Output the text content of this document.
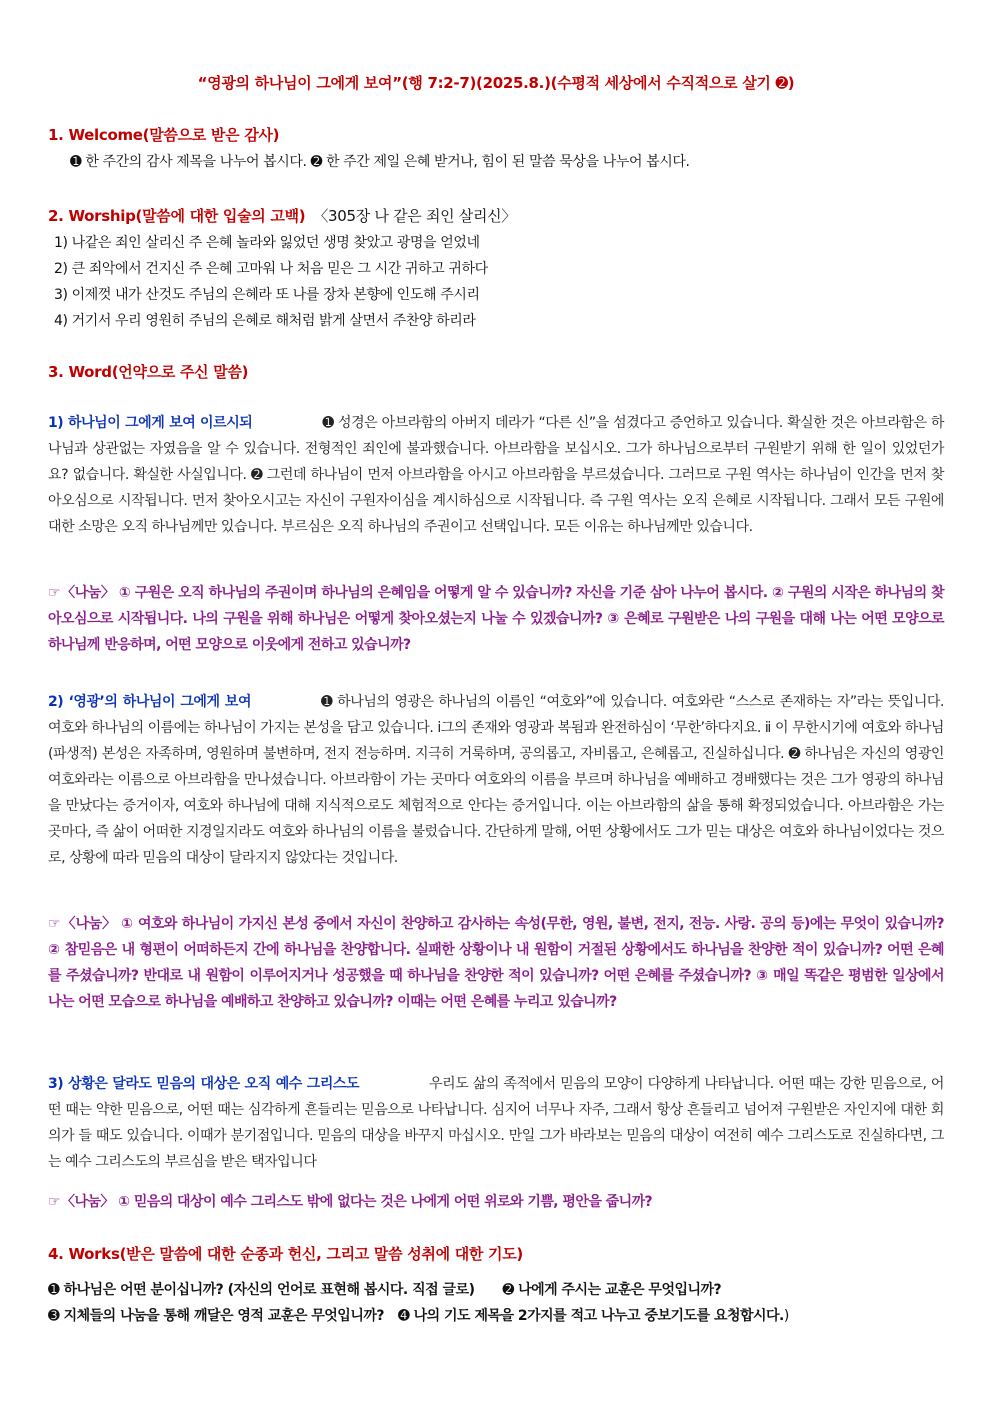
“영광의 하나님이 그에게 보여”(행 7:2-7)(2025.8.)(수평적 세상에서 수직적으로 살기 ➋)
1. Welcome(말씀으로 받은 감사)
➊ 한 주간의 감사 제목을 나누어 봅시다. ➋ 한 주간 제일 은혜 받거나, 힘이 된 말씀 묵상을 나누어 봅시다.
2. Worship(말씀에 대한 입술의 고백) 〈305장 나 같은 죄인 살리신〉
1) 나같은 죄인 살리신 주 은혜 놀라와 잃었던 생명 찾았고 광명을 얻었네
2) 큰 죄악에서 건지신 주 은혜 고마워 나 처음 믿은 그 시간 귀하고 귀하다
3) 이제껏 내가 산것도 주님의 은혜라 또 나를 장차 본향에 인도해 주시리
4) 거기서 우리 영원히 주님의 은혜로 해처럼 밝게 살면서 주찬양 하리라
3. Word(언약으로 주신 말씀)
1) 하나님이 그에게 보여 이르시되	➊ 성경은 아브라함의 아버지 데라가 “다른 신”을 섬겼다고 증언하고 있습니다. 확실한 것은 아브라함은 하나님과 상관없는 자였음을 알 수 있습니다. 전형적인 죄인에 불과했습니다. 아브라함을 보십시오. 그가 하나님으로부터 구원받기 위해 한 일이 있었던가요? 없습니다. 확실한 사실입니다. ➋ 그런데 하나님이 먼저 아브라함을 아시고 아브라함을 부르셨습니다. 그러므로 구원 역사는 하나님이 인간을 먼저 찾아오심으로 시작됩니다. 먼저 찾아오시고는 자신이 구원자이심을 계시하심으로 시작됩니다. 즉 구원 역사는 오직 은혜로 시작됩니다. 그래서 모든 구원에 대한 소망은 오직 하나님께만 있습니다. 부르심은 오직 하나님의 주권이고 선택입니다. 모든 이유는 하나님께만 있습니다.
☞〈나눔〉 ① 구원은 오직 하나님의 주권이며 하나님의 은혜임을 어떻게 알 수 있습니까? 자신을 기준 삼아 나누어 봅시다. ② 구원의 시작은 하나님의 찾아오심으로 시작됩니다. 나의 구원을 위해 하나님은 어떻게 찾아오셨는지 나눌 수 있겠습니까? ③ 은혜로 구원받은 나의 구원을 대해 나는 어떤 모양으로 하나님께 반응하며, 어떤 모양으로 이웃에게 전하고 있습니까?
2) ‘영광’의 하나님이 그에게 보여	➊ 하나님의 영광은 하나님의 이름인 “여호와”에 있습니다. 여호와란 “스스로 존재하는 자”라는 뜻입니다. 여호와 하나님의 이름에는 하나님이 가지는 본성을 담고 있습니다. ⅰ그의 존재와 영광과 복됨과 완전하심이 ‘무한’하다지요. ⅱ 이 무한시기에 여호와 하나님 (파생적) 본성은 자족하며, 영원하며 불변하며, 전지 전능하며. 지극히 거룩하며, 공의롭고, 자비롭고, 은혜롭고, 진실하십니다. ➋ 하나님은 자신의 영광인 여호와라는 이름으로 아브라함을 만나셨습니다. 아브라함이 가는 곳마다 여호와의 이름을 부르며 하나님을 예배하고 경배했다는 것은 그가 영광의 하나님을 만났다는 증거이자, 여호와 하나님에 대해 지식적으로도 체험적으로 안다는 증거입니다. 이는 아브라함의 삶을 통해 확정되었습니다. 아브라함은 가는 곳마다, 즉 삶이 어떠한 지경일지라도 여호와 하나님의 이름을 불렀습니다. 간단하게 말해, 어떤 상황에서도 그가 믿는 대상은 여호와 하나님이었다는 것으로, 상황에 따라 믿음의 대상이 달라지지 않았다는 것입니다.
☞〈나눔〉 ① 여호와 하나님이 가지신 본성 중에서 자신이 찬양하고 감사하는 속성(무한, 영원, 불변, 전지, 전능. 사랑. 공의 등)에는 무엇이 있습니까? ② 참믿음은 내 형편이 어떠하든지 간에 하나님을 찬양합니다. 실패한 상황이나 내 원함이 거절된 상황에서도 하나님을 찬양한 적이 있습니까? 어떤 은혜를 주셨습니까? 반대로 내 원함이 이루어지거나 성공했을 때 하나님을 찬양한 적이 있습니까? 어떤 은혜를 주셨습니까? ③ 매일 똑같은 평범한 일상에서 나는 어떤 모습으로 하나님을 예배하고 찬양하고 있습니까? 이때는 어떤 은혜를 누리고 있습니까?
3) 상황은 달라도 믿음의 대상은 오직 예수 그리스도	우리도 삶의 족적에서 믿음의 모양이 다양하게 나타납니다. 어떤 때는 강한 믿음으로, 어떤 때는 약한 믿음으로, 어떤 때는 심각하게 흔들리는 믿음으로 나타납니다. 심지어 너무나 자주, 그래서 항상 흔들리고 넘어져 구원받은 자인지에 대한 회의가 들 때도 있습니다. 이때가 분기점입니다. 믿음의 대상을 바꾸지 마십시오. 만일 그가 바라보는 믿음의 대상이 여전히 예수 그리스도로 진실하다면, 그는 예수 그리스도의 부르심을 받은 택자입니다
☞〈나눔〉 ① 믿음의 대상이 예수 그리스도 밖에 없다는 것은 나에게 어떤 위로와 기쁨, 평안을 줍니까?
4. Works(받은 말씀에 대한 순종과 헌신, 그리고 말씀 성취에 대한 기도)
➊ 하나님은 어떤 분이십니까? (자신의 언어로 표현해 봅시다. 직접 글로) ➋ 나에게 주시는 교훈은 무엇입니까?
➌ 지체들의 나눔을 통해 깨달은 영적 교훈은 무엇입니까? ➍ 나의 기도 제목을 2가지를 적고 나누고 중보기도를 요청합시다.)
